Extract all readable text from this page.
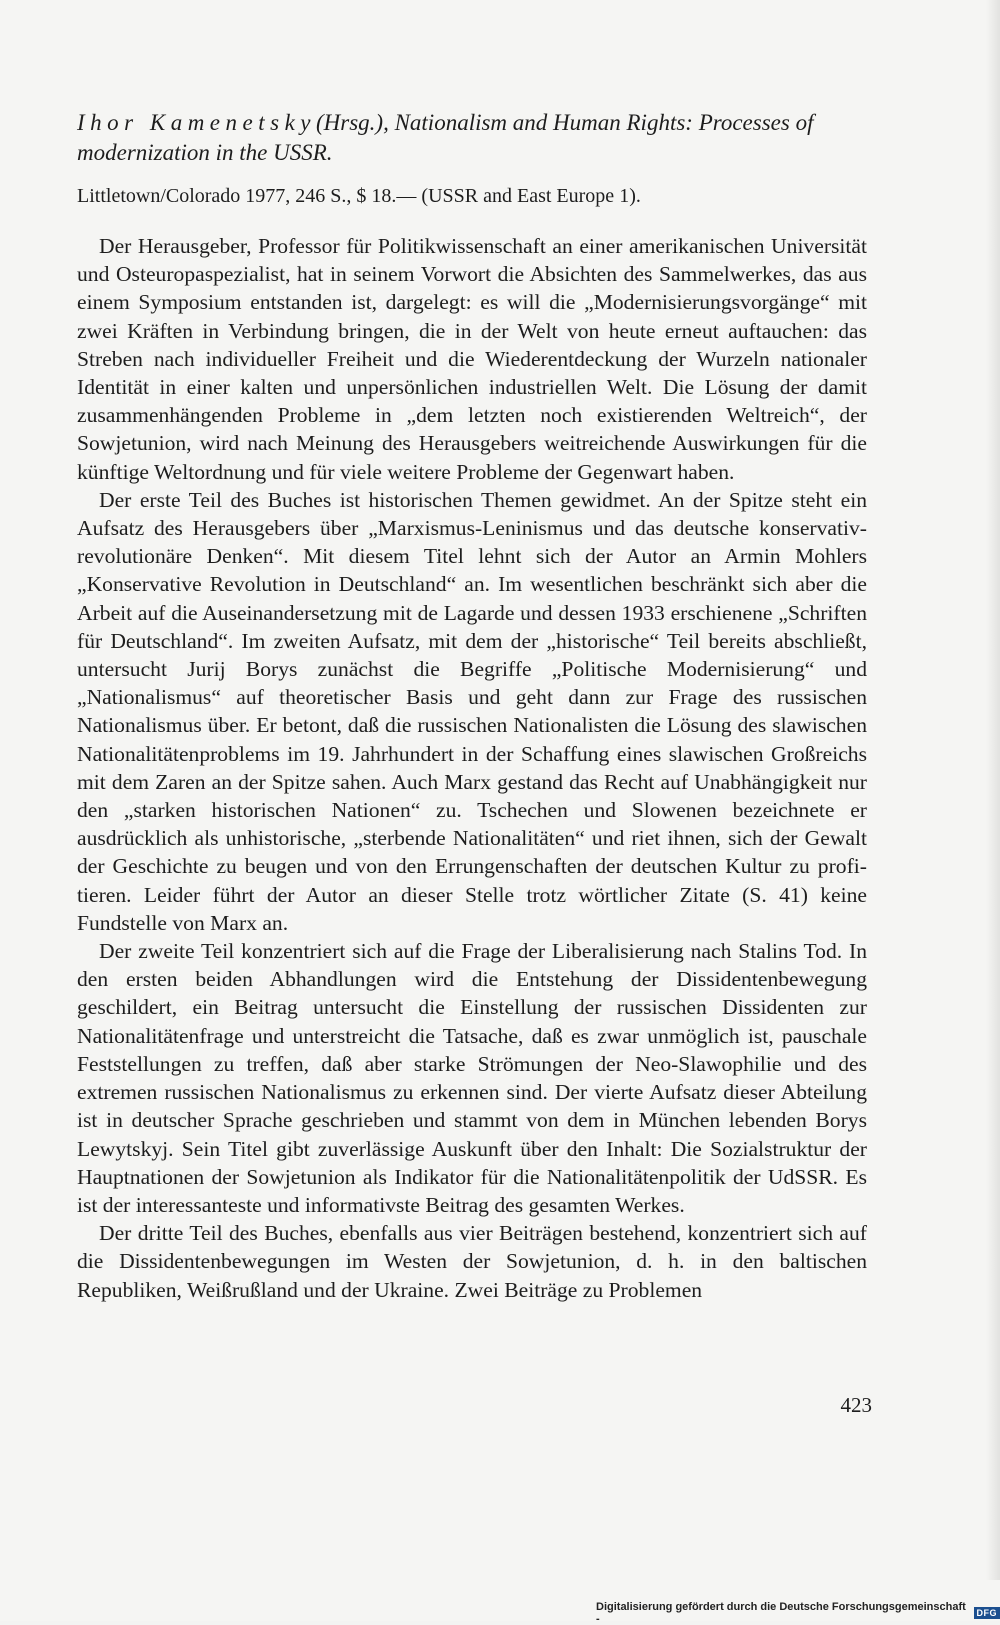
Ihor Kamenetsky(Hrsg.), Nationalism and Human Rights: Processes of modernization in the USSR.
Littletown/Colorado 1977, 246 S., $ 18.— (USSR and East Europe 1).

Der Herausgeber, Professor für Politikwissenschaft an einer amerikanischen Universität und Osteuropaspezialist, hat in seinem Vorwort die Absichten des Sammelwerkes, das aus einem Symposium entstanden ist, dargelegt: es will die „Modernisierungsvorgänge“ mit zwei Kräften in Verbindung bringen, die in der Welt von heute erneut auftauchen: das Streben nach individueller Freiheit und die Wiederentdeckung der Wurzeln nationaler Identität in einer kalten und unpersönlichen industriellen Welt. Die Lösung der damit zusammenhängenden Probleme in „dem letzten noch existierenden Weltreich“, der Sowjetunion, wird nach Meinung des Herausgebers weitreichende Auswirkungen für die künftige Weltordnung und für viele weitere Probleme der Gegenwart haben.

Der erste Teil des Buches ist historischen Themen gewidmet. An der Spitze steht ein Aufsatz des Herausgebers über „Marxismus-Leninismus und das deutsche konservativ-revolutionäre Denken“. Mit diesem Titel lehnt sich der Autor an Armin Mohlers „Konservative Revolution in Deutschland“ an. Im wesentlichen beschränkt sich aber die Arbeit auf die Auseinandersetzung mit de Lagarde und dessen 1933 erschienene „Schriften für Deutschland“. Im zweiten Aufsatz, mit dem der „historische“ Teil bereits abschließt, untersucht Jurij Borys zunächst die Begriffe „Politische Modernisierung“ und „Nationalismus“ auf theoretischer Basis und geht dann zur Frage des russischen Nationalismus über. Er betont, daß die russischen Nationalisten die Lösung des slawischen Nationalitätenproblems im 19. Jahrhundert in der Schaffung eines slawischen Großreichs mit dem Zaren an der Spitze sahen. Auch Marx gestand das Recht auf Unabhängigkeit nur den „starken historischen Nationen“ zu. Tschechen und Slowenen bezeichnete er ausdrücklich als unhistorische, „sterbende Nationalitäten“ und riet ihnen, sich der Gewalt der Geschichte zu beugen und von den Errungenschaften der deutschen Kultur zu profitieren. Leider führt der Autor an dieser Stelle trotz wörtlicher Zitate (S. 41) keine Fundstelle von Marx an.

Der zweite Teil konzentriert sich auf die Frage der Liberalisierung nach Stalins Tod. In den ersten beiden Abhandlungen wird die Entstehung der Dissidentenbewegung geschildert, ein Beitrag untersucht die Einstellung der russischen Dissidenten zur Nationalitätenfrage und unterstreicht die Tatsache, daß es zwar unmöglich ist, pauschale Feststellungen zu treffen, daß aber starke Strömungen der Neo-Slawophilie und des extremen russischen Nationalismus zu erkennen sind. Der vierte Aufsatz dieser Abteilung ist in deutscher Sprache geschrieben und stammt von dem in München lebenden Borys Lewytskyj. Sein Titel gibt zuverlässige Auskunft über den Inhalt: Die Sozialstruktur der Hauptnationen der Sowjetunion als Indikator für die Nationalitätenpolitik der UdSSR. Es ist der interessanteste und informativste Beitrag des gesamten Werkes.

Der dritte Teil des Buches, ebenfalls aus vier Beiträgen bestehend, konzentriert sich auf die Dissidentenbewegungen im Westen der Sowjetunion, d. h. in den baltischen Republiken, Weißrußland und der Ukraine. Zwei Beiträge zu Problemen

423
Digitalisierung gefördert durch die Deutsche Forschungsgemeinschaft -	DFG
